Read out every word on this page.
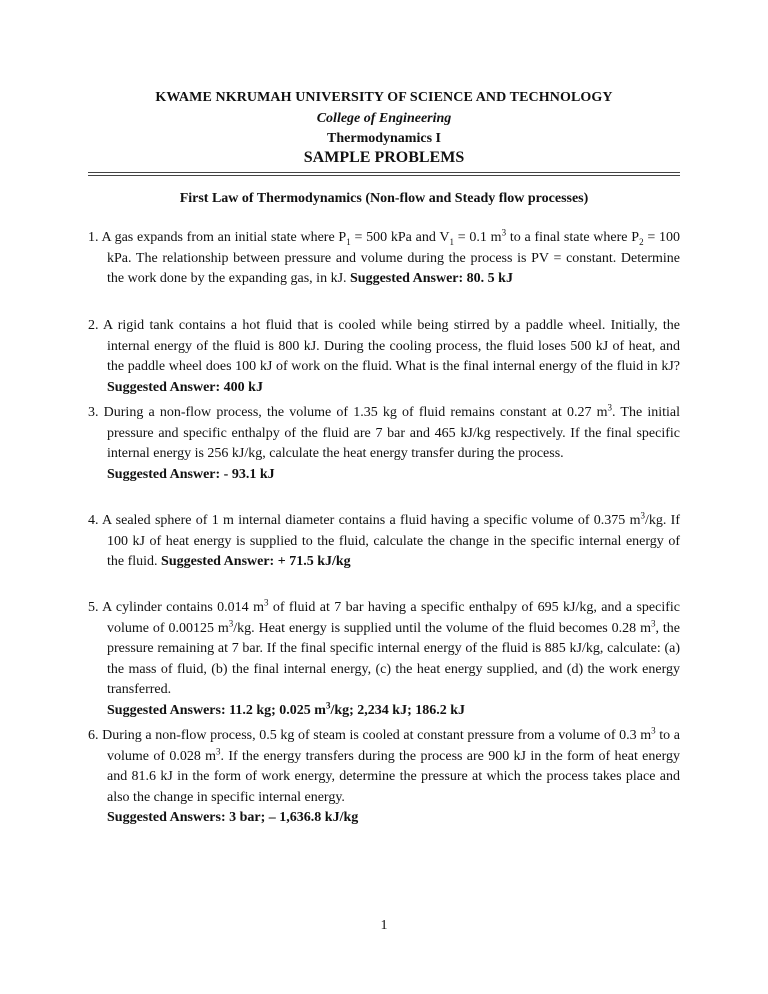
KWAME NKRUMAH UNIVERSITY OF SCIENCE AND TECHNOLOGY
College of Engineering
Thermodynamics I
SAMPLE PROBLEMS
First Law of Thermodynamics (Non-flow and Steady flow processes)
1. A gas expands from an initial state where $P_1 = 500$ kPa and $V_1 = 0.1$ $m^3$ to a final state where $P_2 = 100$ kPa. The relationship between pressure and volume during the process is PV = constant. Determine the work done by the expanding gas, in kJ. Suggested Answer: 80. 5 kJ
2. A rigid tank contains a hot fluid that is cooled while being stirred by a paddle wheel. Initially, the internal energy of the fluid is 800 kJ. During the cooling process, the fluid loses 500 kJ of heat, and the paddle wheel does 100 kJ of work on the fluid. What is the final internal energy of the fluid in kJ? Suggested Answer: 400 kJ
3. During a non-flow process, the volume of 1.35 kg of fluid remains constant at 0.27 $m^3$. The initial pressure and specific enthalpy of the fluid are 7 bar and 465 kJ/kg respectively. If the final specific internal energy is 256 kJ/kg, calculate the heat energy transfer during the process.
Suggested Answer: - 93.1 kJ
4. A sealed sphere of 1 m internal diameter contains a fluid having a specific volume of 0.375 $m^3/kg$. If 100 kJ of heat energy is supplied to the fluid, calculate the change in the specific internal energy of the fluid. Suggested Answer: + 71.5 kJ/kg
5. A cylinder contains 0.014 $m^3$ of fluid at 7 bar having a specific enthalpy of 695 kJ/kg, and a specific volume of 0.00125 $m^3/kg$. Heat energy is supplied until the volume of the fluid becomes 0.28 $m^3$, the pressure remaining at 7 bar. If the final specific internal energy of the fluid is 885 kJ/kg, calculate: (a) the mass of fluid, (b) the final internal energy, (c) the heat energy supplied, and (d) the work energy transferred.
Suggested Answers: 11.2 kg; 0.025 $m^3/kg$; 2,234 kJ; 186.2 kJ
6. During a non-flow process, 0.5 kg of steam is cooled at constant pressure from a volume of 0.3 $m^3$ to a volume of 0.028 $m^3$. If the energy transfers during the process are 900 kJ in the form of heat energy and 81.6 kJ in the form of work energy, determine the pressure at which the process takes place and also the change in specific internal energy.
Suggested Answers: 3 bar; – 1,636.8 kJ/kg
1
